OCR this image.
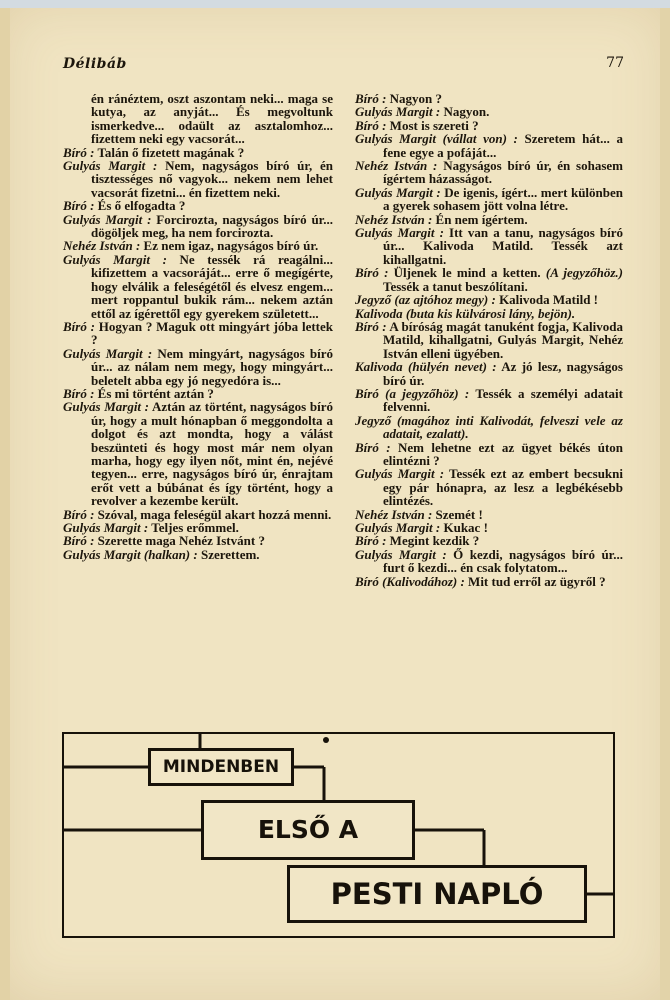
Délibáb	77

én ránéztem, oszt aszontam neki... maga se kutya, az anyját... És megvoltunk ismerkedve... odaült az asztalomhoz... fizettem neki egy vacsorát...

Bíró : Talán ő fizetett magának ?

Gulyás Margit : Nem, nagyságos bíró úr, én tisztességes nő vagyok... nekem nem lehet vacsorát fizetni... én fizettem neki.

Bíró : És ő elfogadta ?

Gulyás Margit : Forcirozta, nagyságos bíró úr... dögöljek meg, ha nem forcirozta.

Nehéz István : Ez nem igaz, nagyságos bíró úr.

Gulyás Margit : Ne tessék rá reagálni... kifizettem a vacsoráját... erre ő megígérte, hogy elválik a feleségétől és elvesz engem... mert roppantul bukik rám... nekem aztán ettől az ígérettől egy gyerekem született...

Bíró : Hogyan ? Maguk ott mingyárt jóba lettek ?

Gulyás Margit : Nem mingyárt, nagyságos bíró úr... az nálam nem megy, hogy mingyárt... beletelt abba egy jó negyedóra is...

Bíró : És mi történt aztán ?

Gulyás Margit : Aztán az történt, nagyságos bíró úr, hogy a mult hónapban ő meggondolta a dolgot és azt mondta, hogy a válást beszünteti és hogy most már nem olyan marha, hogy egy ilyen nőt, mint én, nejévé tegyen... erre, nagyságos bíró úr, énrajtam erőt vett a búbánat és így történt, hogy a revolver a kezembe került.

Bíró : Szóval, maga feleségül akart hozzá menni.

Gulyás Margit : Teljes erőmmel.

Bíró : Szerette maga Nehéz Istvánt ?

Gulyás Margit (halkan) : Szerettem.

Bíró : Nagyon ?

Gulyás Margit : Nagyon.

Bíró : Most is szereti ?

Gulyás Margit (vállat von) : Szeretem hát... a fene egye a pofáját...

Nehéz István : Nagyságos bíró úr, én sohasem ígértem házasságot.

Gulyás Margit : De igenis, ígért... mert különben a gyerek sohasem jött volna létre.

Nehéz István : Én nem ígértem.

Gulyás Margit : Itt van a tanu, nagyságos bíró úr... Kalivoda Matild. Tessék azt kihallgatni.

Bíró : Üljenek le mind a ketten. (A jegyzőhöz.) Tessék a tanut beszólítani.

Jegyző (az ajtóhoz megy) : Kalivoda Matild !

Kalivoda (buta kis külvárosi lány, bejön).

Bíró : A bíróság magát tanuként fogja, Kalivoda Matild, kihallgatni, Gulyás Margit, Nehéz István elleni ügyében.

Kalivoda (hülyén nevet) : Az jó lesz, nagyságos bíró úr.

Bíró (a jegyzőhöz) : Tessék a személyi adatait felvenni.

Jegyző (magához inti Kalivodát, felveszi vele az adatait, ezalatt).

Bíró : Nem lehetne ezt az ügyet békés úton elintézni ?

Gulyás Margit : Tessék ezt az embert becsukni egy pár hónapra, az lesz a legbékésebb elintézés.

Nehéz István : Szemét !

Gulyás Margit : Kukac !

Bíró : Megint kezdik ?

Gulyás Margit : Ő kezdi, nagyságos bíró úr... furt ő kezdi... én csak folytatom...

Bíró (Kalivodához) : Mit tud erről az ügyről ?

MINDENBEN
ELSŐ A
PESTI NAPLÓ
